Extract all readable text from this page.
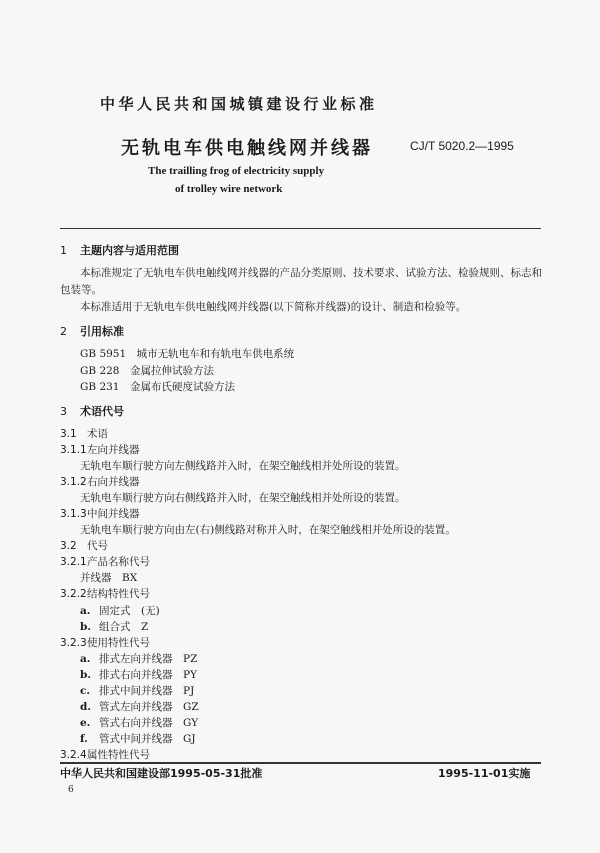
中华人民共和国城镇建设行业标准
无轨电车供电触线网并线器	CJ/T 5020.2—1995
The trailling frog of electricity supply
of trolley wire network
1 主题内容与适用范围
本标准规定了无轨电车供电触线网并线器的产品分类原则、技术要求、试验方法、检验规则、标志和
包装等。
本标准适用于无轨电车供电触线网并线器(以下简称并线器)的设计、制造和检验等。
2 引用标准
GB 5951　城市无轨电车和有轨电车供电系统
GB 228　金属拉伸试验方法
GB 231　金属布氏硬度试验方法
3 术语代号
3.1 术语
3.1.1左向并线器
无轨电车顺行驶方向左侧线路并入时，在架空触线相并处所设的装置。
3.1.2右向并线器
无轨电车顺行驶方向右侧线路并入时，在架空触线相并处所设的装置。
3.1.3中间并线器
无轨电车顺行驶方向由左(右)侧线路对称并入时，在架空触线相并处所设的装置。
3.2 代号
3.2.1产品名称代号
并线器　BX
3.2.2结构特性代号
a. 固定式　(无)
b. 组合式　Z
3.2.3使用特性代号
a. 排式左向并线器　PZ
b. 排式右向并线器　PY
c. 排式中间并线器　PJ
d. 管式左向并线器　GZ
e. 管式右向并线器　GY
f. 管式中间并线器　GJ
3.2.4属性特性代号
中华人民共和国建设部1995-05-31批准	1995-11-01实施
6
